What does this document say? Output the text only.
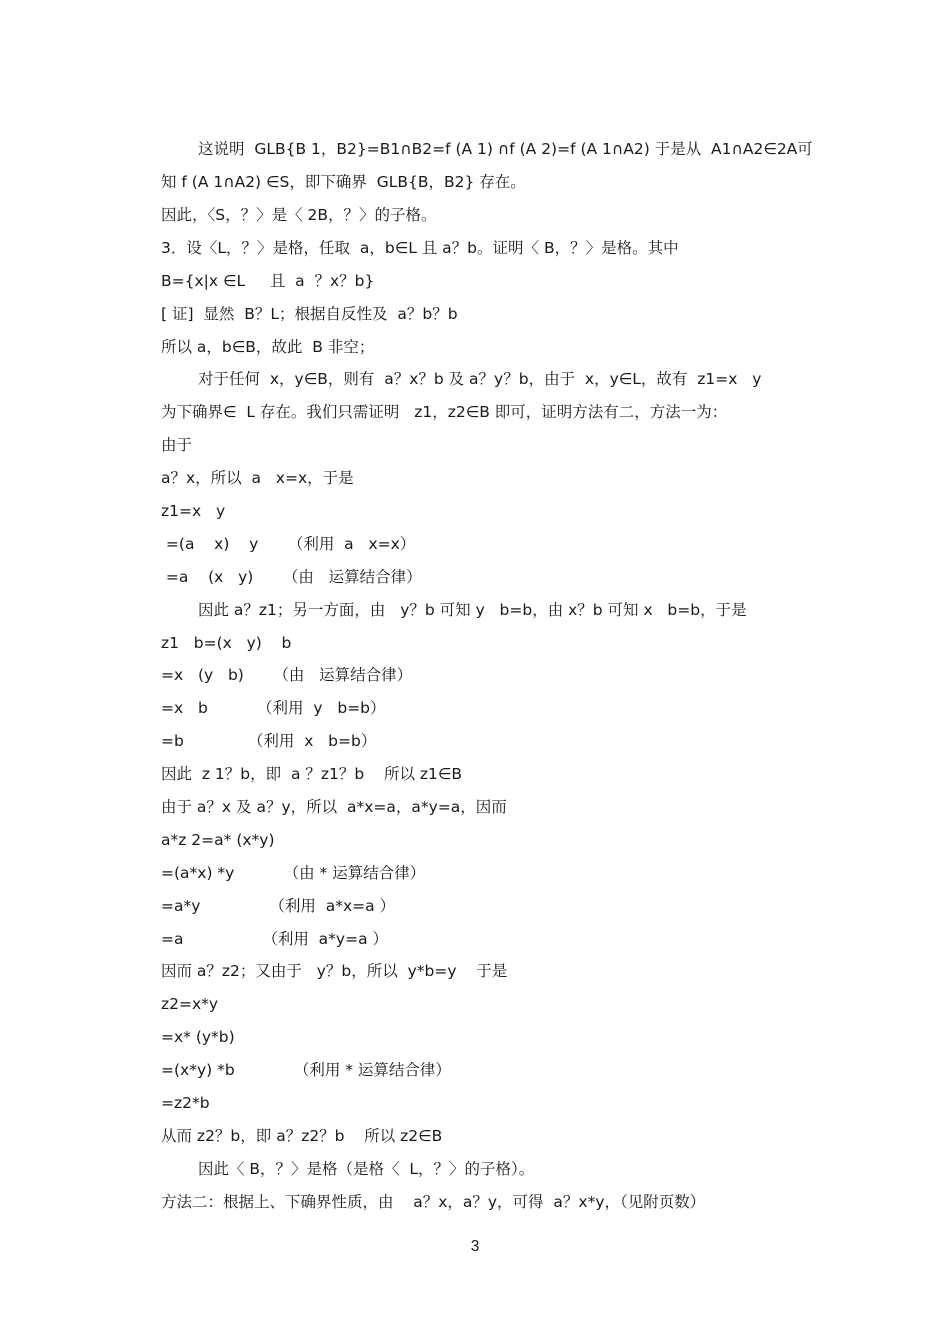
这说明  GLB{B 1，B2}=B1∩B2=f (A 1) ∩f (A 2)=f (A 1∩A2) 于是从  A1∩A2∈2A可
知 f (A 1∩A2) ∈S，即下确界  GLB{B，B2} 存在。
因此，〈S，？〉是〈 2B，？〉的子格。
3．设〈L，？〉是格，任取  a，b∈L 且 a？b。证明〈 B，？〉是格。其中
B={x|x ∈L     且  a  ？x？b}
[ 证]  显然  B？L；根据自反性及  a？b？b
所以 a，b∈B，故此  B 非空；
对于任何  x，y∈B，则有  a？x？b 及 a？y？b，由于  x，y∈L，故有  z1=x   y
为下确界∈  L 存在。我们只需证明   z1，z2∈B 即可，证明方法有二，方法一为：
由于
a？x，所以  a   x=x，于是
z1=x   y
=(a    x)    y      （利用  a   x=x）
=a    (x   y)      （由   运算结合律）
因此 a？z1；另一方面，由   y？b 可知 y   b=b，由 x？b 可知 x   b=b，于是
z1   b=(x   y)    b
=x   (y   b)      （由   运算结合律）
=x   b          （利用  y   b=b）
=b             （利用  x   b=b）
因此  z 1？b，即  a ？z1？b    所以 z1∈B
由于 a？x 及 a？y，所以  a*x=a，a*y=a，因而
a*z 2=a* (x*y)
=(a*x) *y          （由 * 运算结合律）
=a*y              （利用  a*x=a ）
=a                （利用  a*y=a ）
因而 a？z2；又由于   y？b，所以  y*b=y    于是
z2=x*y
=x* (y*b)
=(x*y) *b            （利用 * 运算结合律）
=z2*b
从而 z2？b，即 a？z2？b    所以 z2∈B
因此〈 B，？〉是格（是格〈  L，？〉的子格）。
方法二：根据上、下确界性质，由    a？x，a？y，可得  a？x*y，（见附页数）
3
